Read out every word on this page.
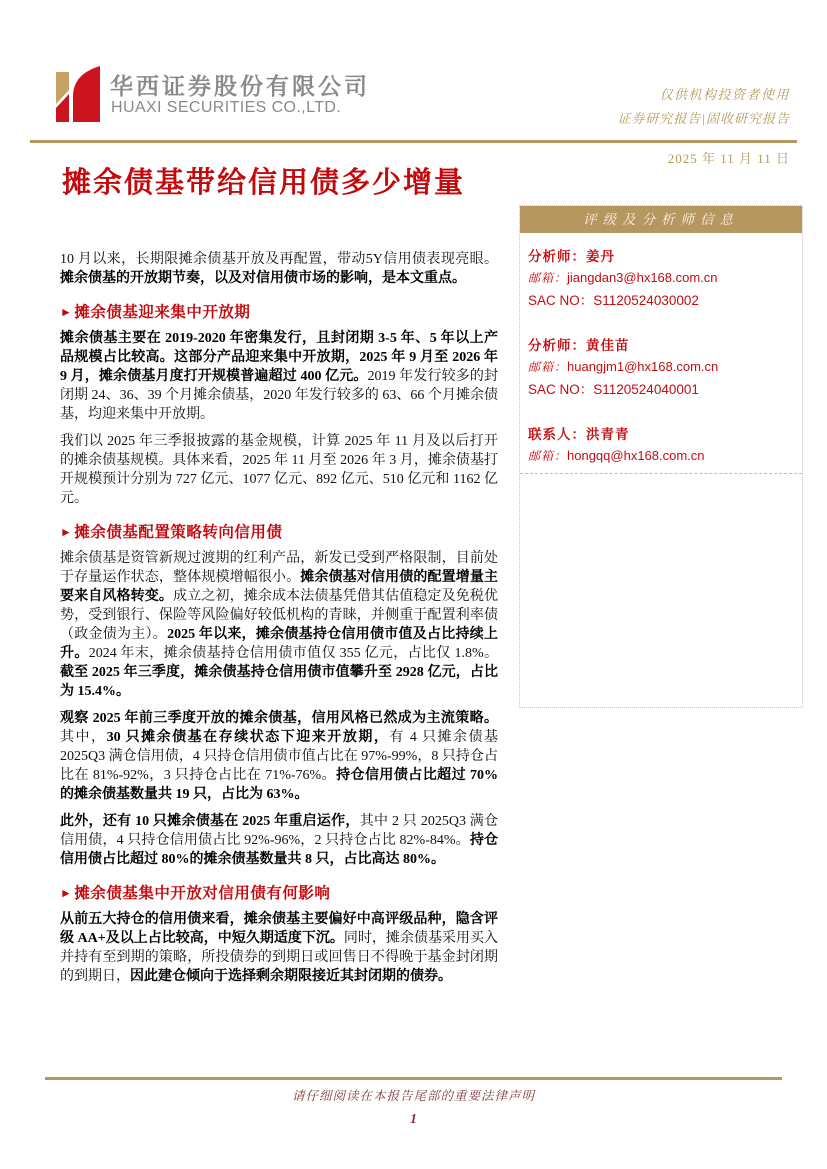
华西证券股份有限公司
HUAXI SECURITIES CO.,LTD.
仅供机构投资者使用
证券研究报告|固收研究报告
2025 年 11 月 11 日
摊余债基带给信用债多少增量

10 月以来，长期限摊余债基开放及再配置，带动5Y信用债表现亮眼。摊余债基的开放期节奏，以及对信用债市场的影响，是本文重点。

► 摊余债基迎来集中开放期

摊余债基主要在 2019-2020 年密集发行，且封闭期 3-5 年、5 年以上产品规模占比较高。这部分产品迎来集中开放期，2025 年 9 月至 2026 年 9 月，摊余债基月度打开规模普遍超过 400 亿元。2019 年发行较多的封闭期 24、36、39 个月摊余债基，2020 年发行较多的 63、66 个月摊余债基，均迎来集中开放期。

我们以 2025 年三季报披露的基金规模，计算 2025 年 11 月及以后打开的摊余债基规模。具体来看，2025 年 11 月至 2026 年 3 月，摊余债基打开规模预计分别为 727 亿元、1077 亿元、892 亿元、510 亿元和 1162 亿元。

► 摊余债基配置策略转向信用债

摊余债基是资管新规过渡期的红利产品，新发已受到严格限制，目前处于存量运作状态，整体规模增幅很小。摊余债基对信用债的配置增量主要来自风格转变。成立之初，摊余成本法债基凭借其估值稳定及免税优势，受到银行、保险等风险偏好较低机构的青睐，并侧重于配置利率债（政金债为主）。2025 年以来，摊余债基持仓信用债市值及占比持续上升。2024 年末，摊余债基持仓信用债市值仅 355 亿元，占比仅 1.8%。截至 2025 年三季度，摊余债基持仓信用债市值攀升至 2928 亿元，占比为 15.4%。

观察 2025 年前三季度开放的摊余债基，信用风格已然成为主流策略。其中，30 只摊余债基在存续状态下迎来开放期，有 4 只摊余债基 2025Q3 满仓信用债，4 只持仓信用债市值占比在 97%-99%，8 只持仓占比在 81%-92%，3 只持仓占比在 71%-76%。持仓信用债占比超过 70%的摊余债基数量共 19 只，占比为 63%。

此外，还有 10 只摊余债基在 2025 年重启运作，其中 2 只 2025Q3 满仓信用债，4 只持仓信用债占比 92%-96%，2 只持仓占比 82%-84%。持仓信用债占比超过 80%的摊余债基数量共 8 只，占比高达 80%。

► 摊余债基集中开放对信用债有何影响

从前五大持仓的信用债来看，摊余债基主要偏好中高评级品种，隐含评级 AA+及以上占比较高，中短久期适度下沉。同时，摊余债基采用买入并持有至到期的策略，所投债券的到期日或回售日不得晚于基金封闭期的到期日，因此建仓倾向于选择剩余期限接近其封闭期的债券。

评级及分析师信息
分析师：姜丹
邮箱：jiangdan3@hx168.com.cn
SAC NO：S1120524030002
分析师：黄佳苗
邮箱：huangjm1@hx168.com.cn
SAC NO：S1120524040001
联系人：洪青青
邮箱：hongqq@hx168.com.cn
请仔细阅读在本报告尾部的重要法律声明
1
